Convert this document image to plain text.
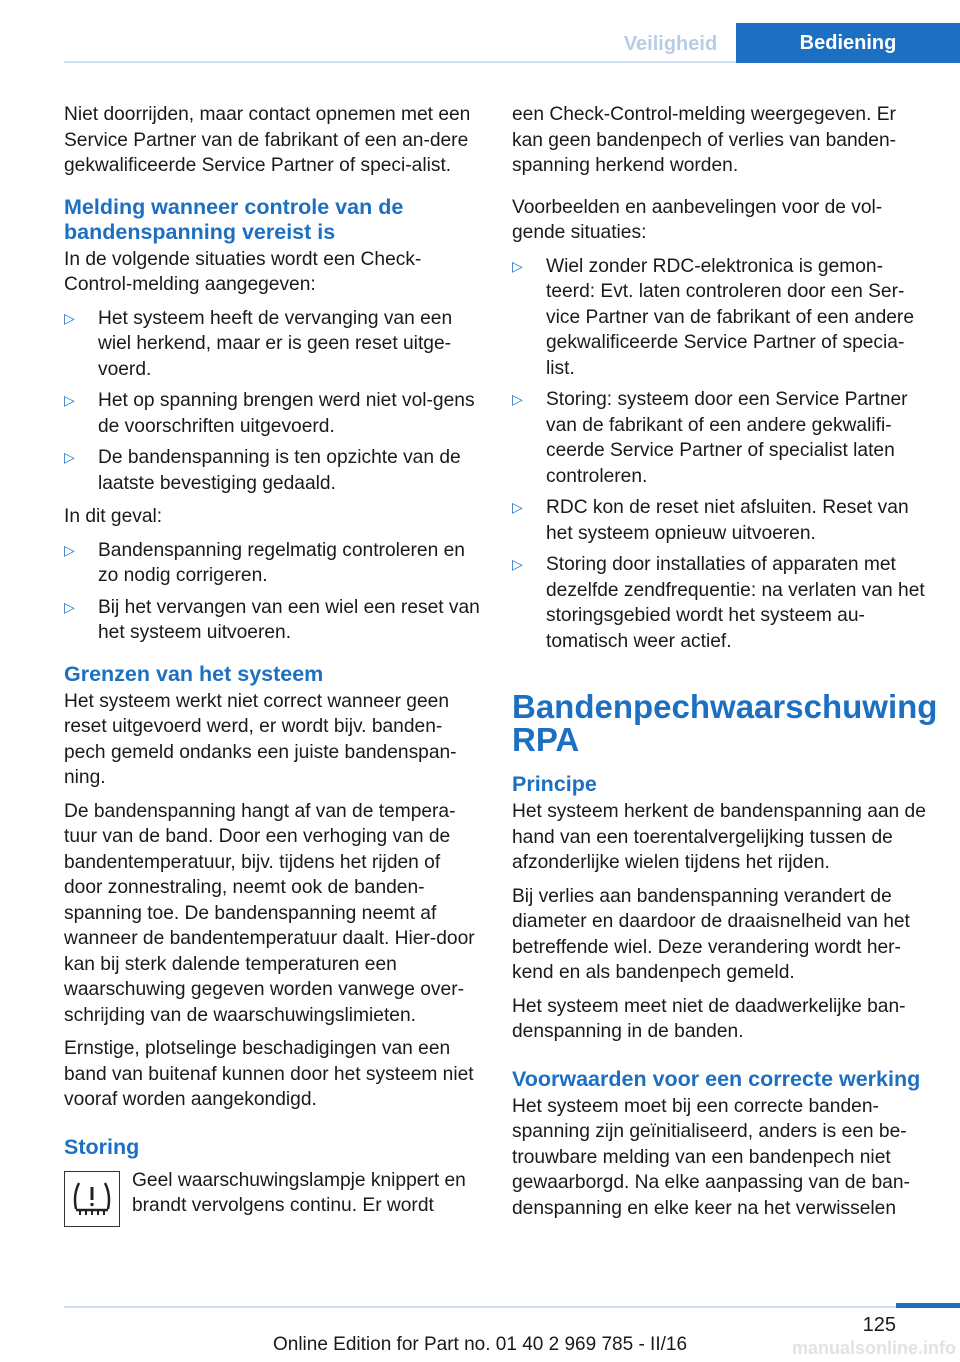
Veiligheid	Bediening

Niet doorrijden, maar contact opnemen met een Service Partner van de fabrikant of een an-dere gekwalificeerde Service Partner of speci-alist.

Melding wanneer controle van de bandenspanning vereist is

In de volgende situaties wordt een Check-Control-melding aangegeven:

▷ Het systeem heeft de vervanging van een wiel herkend, maar er is geen reset uitge-voerd.
▷ Het op spanning brengen werd niet vol-gens de voorschriften uitgevoerd.
▷ De bandenspanning is ten opzichte van de laatste bevestiging gedaald.

In dit geval:

▷ Bandenspanning regelmatig controleren en zo nodig corrigeren.
▷ Bij het vervangen van een wiel een reset van het systeem uitvoeren.
Grenzen van het systeem

Het systeem werkt niet correct wanneer geen reset uitgevoerd werd, er wordt bijv. banden-pech gemeld ondanks een juiste bandenspan-ning.

De bandenspanning hangt af van de tempera-tuur van de band. Door een verhoging van de bandentemperatuur, bijv. tijdens het rijden of door zonnestraling, neemt ook de banden-spanning toe. De bandenspanning neemt af wanneer de bandentemperatuur daalt. Hier-door kan bij sterk dalende temperaturen een waarschuwing gegeven worden vanwege over-schrijding van de waarschuwingslimieten.

Ernstige, plotselinge beschadigingen van een band van buitenaf kunnen door het systeem niet vooraf worden aangekondigd.

Storing

Geel waarschuwingslampje knippert en brandt vervolgens continu. Er wordt

een Check-Control-melding weergegeven. Er kan geen bandenpech of verlies van banden-spanning herkend worden.

Voorbeelden en aanbevelingen voor de vol-gende situaties:

▷ Wiel zonder RDC-elektronica is gemon-teerd: Evt. laten controleren door een Ser-vice Partner van de fabrikant of een andere gekwalificeerde Service Partner of specia-list.
▷ Storing: systeem door een Service Partner van de fabrikant of een andere gekwalifi-ceerde Service Partner of specialist laten controleren.
▷ RDC kon de reset niet afsluiten. Reset van het systeem opnieuw uitvoeren.
▷ Storing door installaties of apparaten met dezelfde zendfrequentie: na verlaten van het storingsgebied wordt het systeem au-tomatisch weer actief.
Bandenpechwaarschuwing RPA
Principe

Het systeem herkent de bandenspanning aan de hand van een toerentalvergelijking tussen de afzonderlijke wielen tijdens het rijden.

Bij verlies aan bandenspanning verandert de diameter en daardoor de draaisnelheid van het betreffende wiel. Deze verandering wordt her-kend en als bandenpech gemeld.

Het systeem meet niet de daadwerkelijke ban-denspanning in de banden.

Voorwaarden voor een correcte werking

Het systeem moet bij een correcte banden-spanning zijn geïnitialiseerd, anders is een be-trouwbare melding van een bandenpech niet gewaarborgd. Na elke aanpassing van de ban-denspanning en elke keer na het verwisselen

125
Online Edition for Part no. 01 40 2 969 785 - II/16	manualsonline.info
